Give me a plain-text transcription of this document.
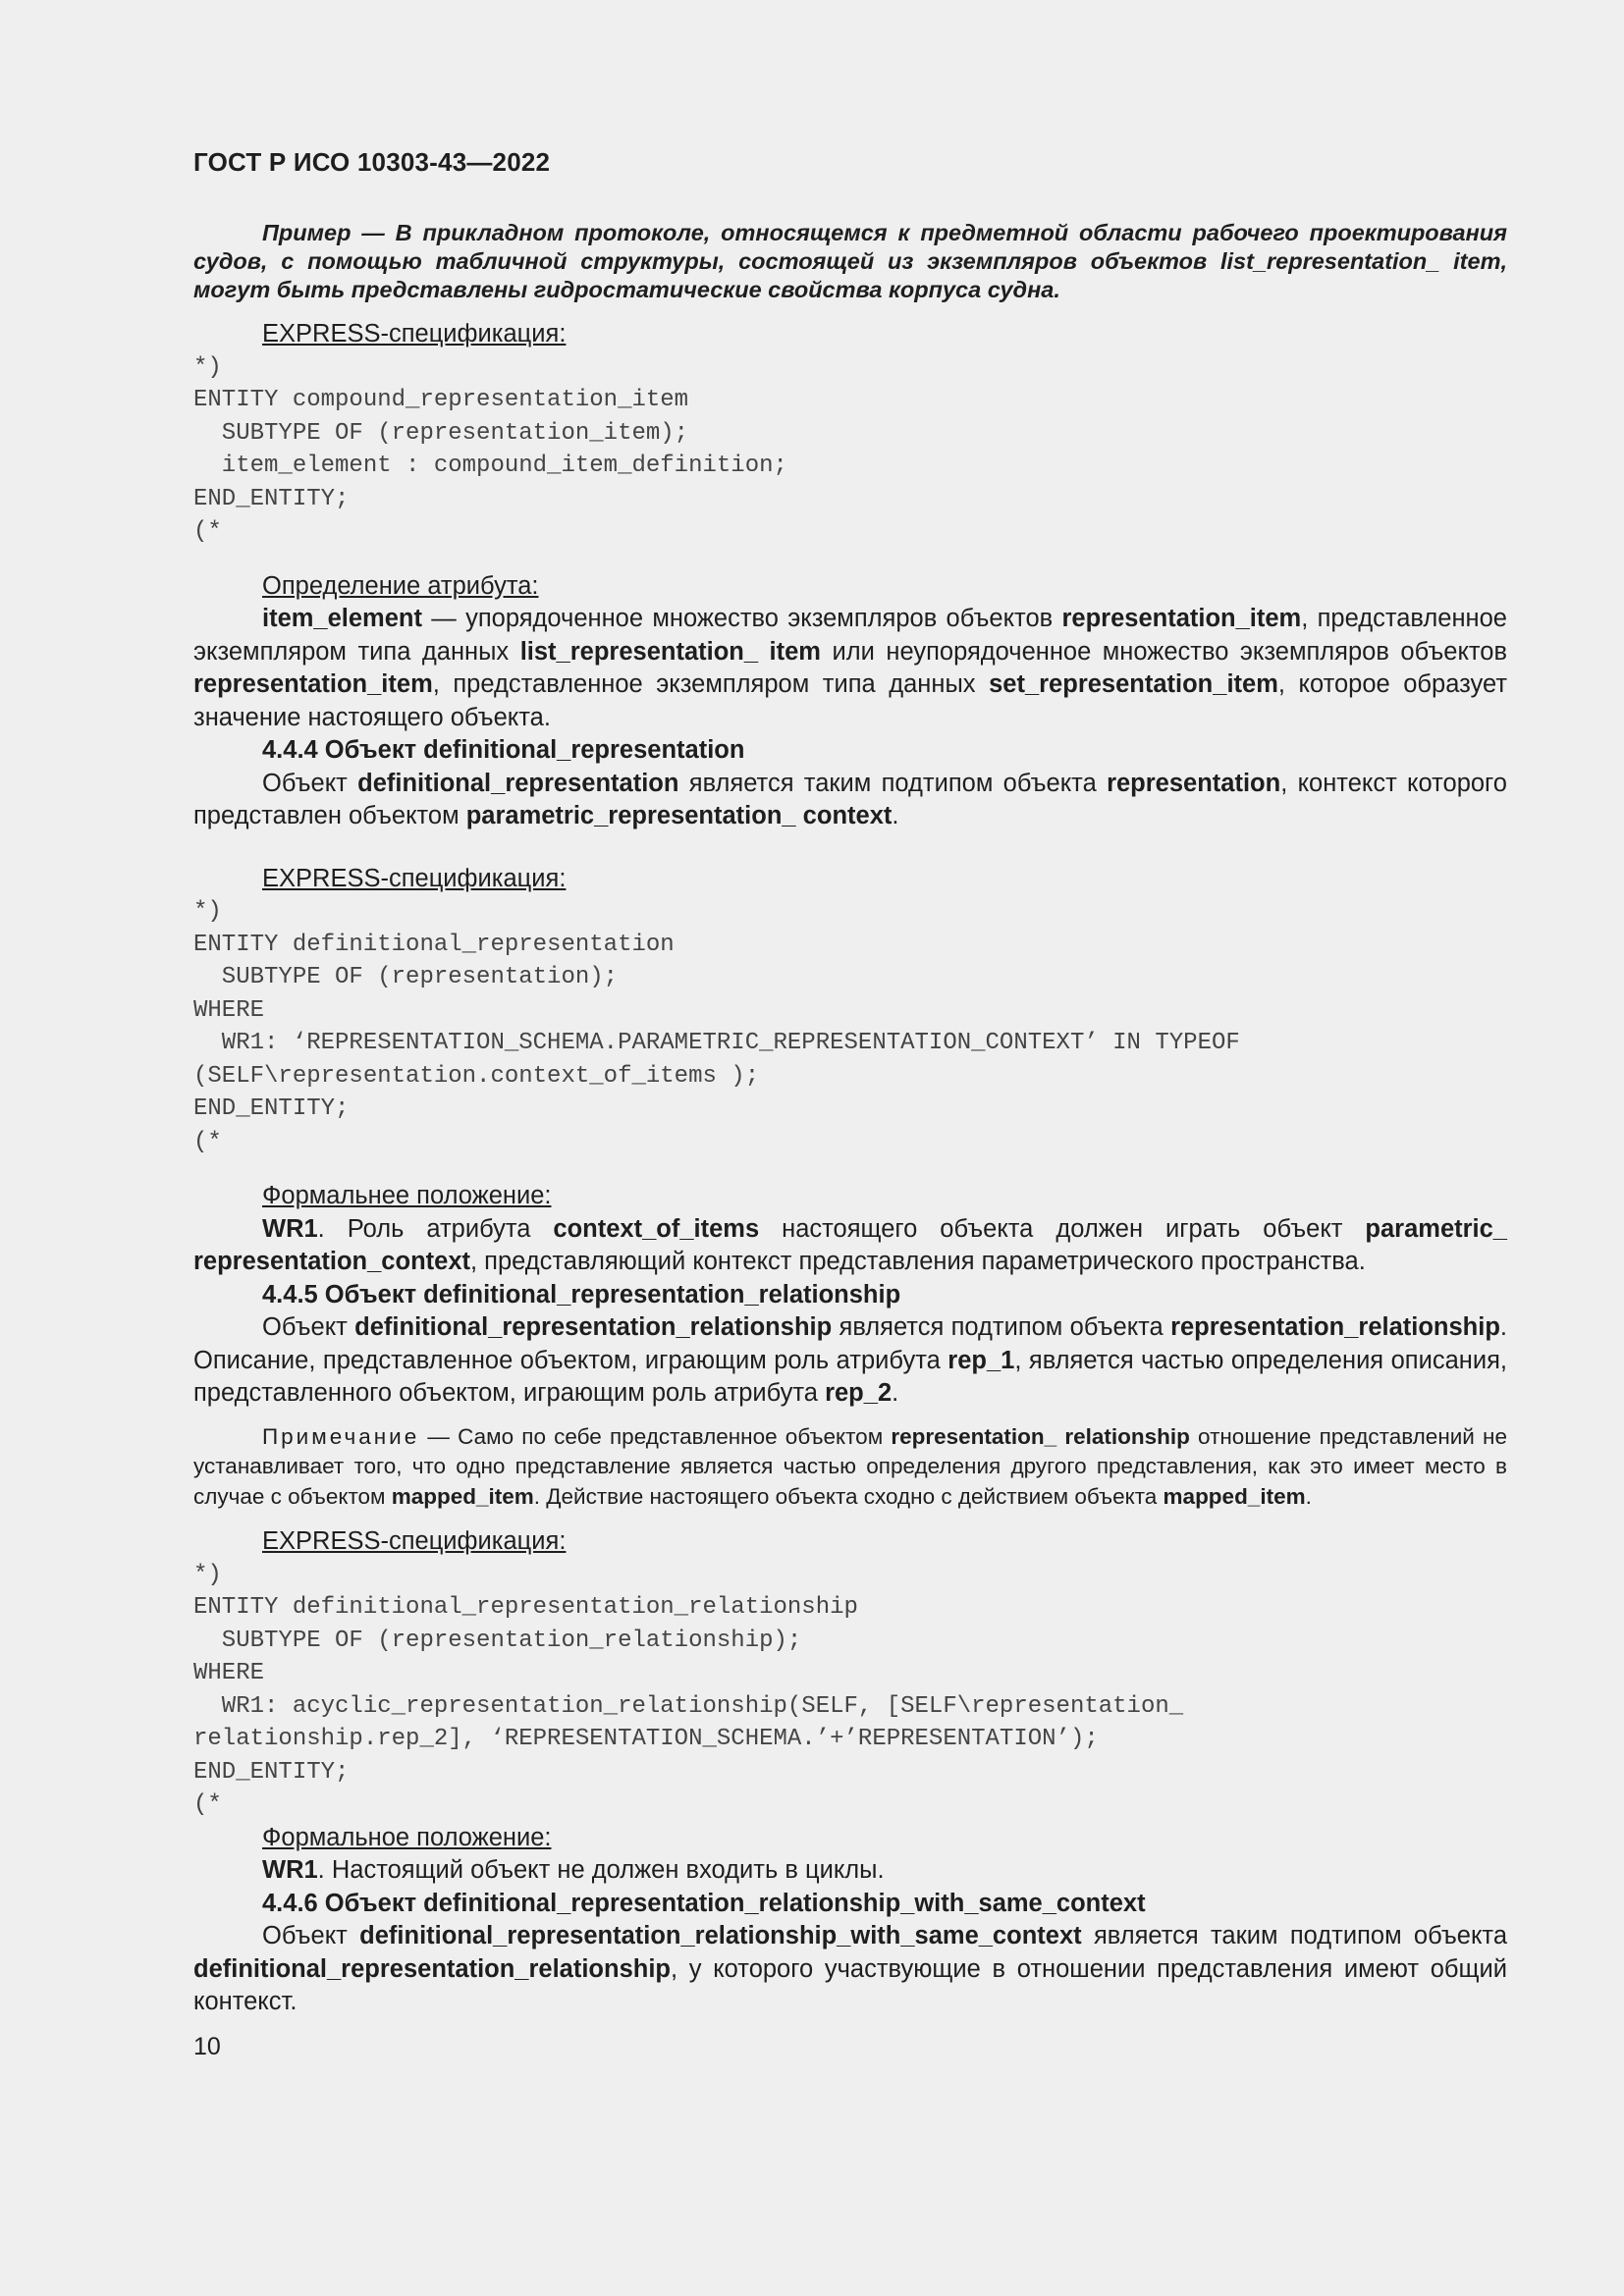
ГОСТ Р ИСО 10303-43—2022

Пример — В прикладном протоколе, относящемся к предметной области рабочего проектирования судов, с помощью табличной структуры, состоящей из экземпляров объектов list_representation_ item, могут быть представлены гидростатические свойства корпуса судна.

EXPRESS-спецификация:

*)
ENTITY compound_representation_item
SUBTYPE OF (representation_item);
item_element : compound_item_definition;
END_ENTITY;
(*

Определение атрибута:

item_element — упорядоченное множество экземпляров объектов representation_item, представленное экземпляром типа данных list_representation_ item или неупорядоченное множество экземпляров объектов representation_item, представленное экземпляром типа данных set_representation_item, которое образует значение настоящего объекта.

4.4.4 Объект definitional_representation

Объект definitional_representation является таким подтипом объекта representation, контекст которого представлен объектом parametric_representation_ context.

EXPRESS-спецификация:

*)
ENTITY definitional_representation
SUBTYPE OF (representation);
WHERE
WR1: ‘REPRESENTATION_SCHEMA.PARAMETRIC_REPRESENTATION_CONTEXT’ IN TYPEOF
(SELF\representation.context_of_items );
END_ENTITY;
(*

Формальнее положение:

WR1. Роль атрибута context_of_items настоящего объекта должен играть объект parametric_ representation_context, представляющий контекст представления параметрического пространства.

4.4.5 Объект definitional_representation_relationship

Объект definitional_representation_relationship является подтипом объекта representation_relationship. Описание, представленное объектом, играющим роль атрибута rep_1, является частью определения описания, представленного объектом, играющим роль атрибута rep_2.

Примечание — Само по себе представленное объектом representation_ relationship отношение представлений не устанавливает того, что одно представление является частью определения другого представления, как это имеет место в случае с объектом mapped_item. Действие настоящего объекта сходно с действием объекта mapped_item.

EXPRESS-спецификация:

*)
ENTITY definitional_representation_relationship
SUBTYPE OF (representation_relationship);
WHERE
WR1: acyclic_representation_relationship(SELF, [SELF\representation_
relationship.rep_2], ‘REPRESENTATION_SCHEMA.’+’REPRESENTATION’);
END_ENTITY;
(*

Формальное положение:

WR1. Настоящий объект не должен входить в циклы.

4.4.6 Объект definitional_representation_relationship_with_same_context

Объект definitional_representation_relationship_with_same_context является таким подтипом объекта definitional_representation_relationship, у которого участвующие в отношении представления имеют общий контекст.

10
